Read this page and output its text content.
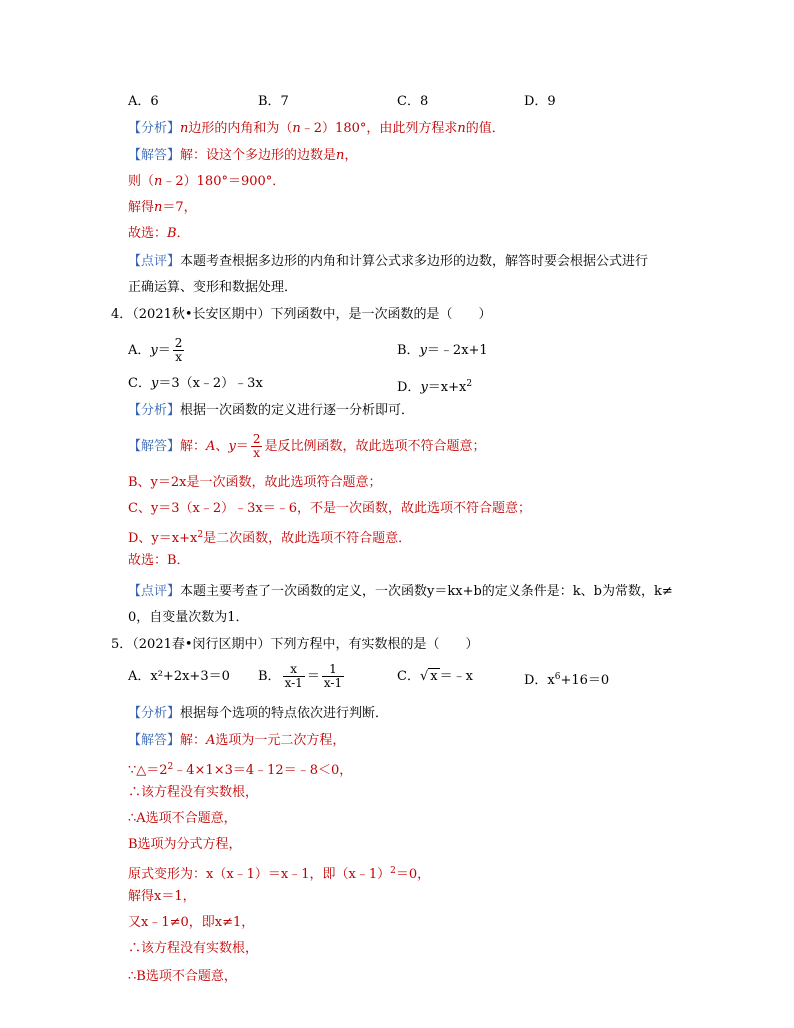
A．6	B．7	C．8	D．9
【分析】n边形的内角和为（n﹣2）180°，由此列方程求n的值．
【解答】解：设这个多边形的边数是n，
则（n﹣2）180°＝900°．
解得n＝7，
故选：B．
【点评】本题考查根据多边形的内角和计算公式求多边形的边数，解答时要会根据公式进行
正确运算、变形和数据处理．
4．（2021秋•长安区期中）下列函数中，是一次函数的是（　　）
A．$y= \frac{2}{x}$	B．y＝﹣2x+1
C．y＝3（x﹣2）﹣3x	D．$y=x+x^2$
【分析】根据一次函数的定义进行逐一分析即可．
【解答】解：A、$y= \frac{2}{x}$ 是反比例函数，故此选项不符合题意；
B、y＝2x是一次函数，故此选项符合题意；
C、y＝3（x﹣2）﹣3x＝﹣6，不是一次函数，故此选项不符合题意；
D、$y=x+x^2$是二次函数，故此选项不符合题意．
故选：B．
【点评】本题主要考查了一次函数的定义，一次函数y＝kx+b的定义条件是：k、b为常数，k≠
0，自变量次数为1．
5．（2021春•闵行区期中）下列方程中，有实数根的是（　　）
A．x²+2x+3＝0 B． $\frac{x}{x-1} = \frac{1}{x-1}$	C．√ x ＝﹣x	D．$x^6+16=0$
【分析】根据每个选项的特点依次进行判断．
【解答】解：A选项为一元二次方程，
$\because\triangle=2^2﹣4\times 1\times 3=4﹣12=﹣8<0$，
∴该方程没有实数根，
∴A选项不合题意，
B选项为分式方程，
原式变形为：x（x﹣1）＝x﹣1，即（x﹣1）$^2$＝0，
解得x＝1，
又x﹣1≠0，即x≠1，
∴该方程没有实数根，
∴B选项不合题意，
